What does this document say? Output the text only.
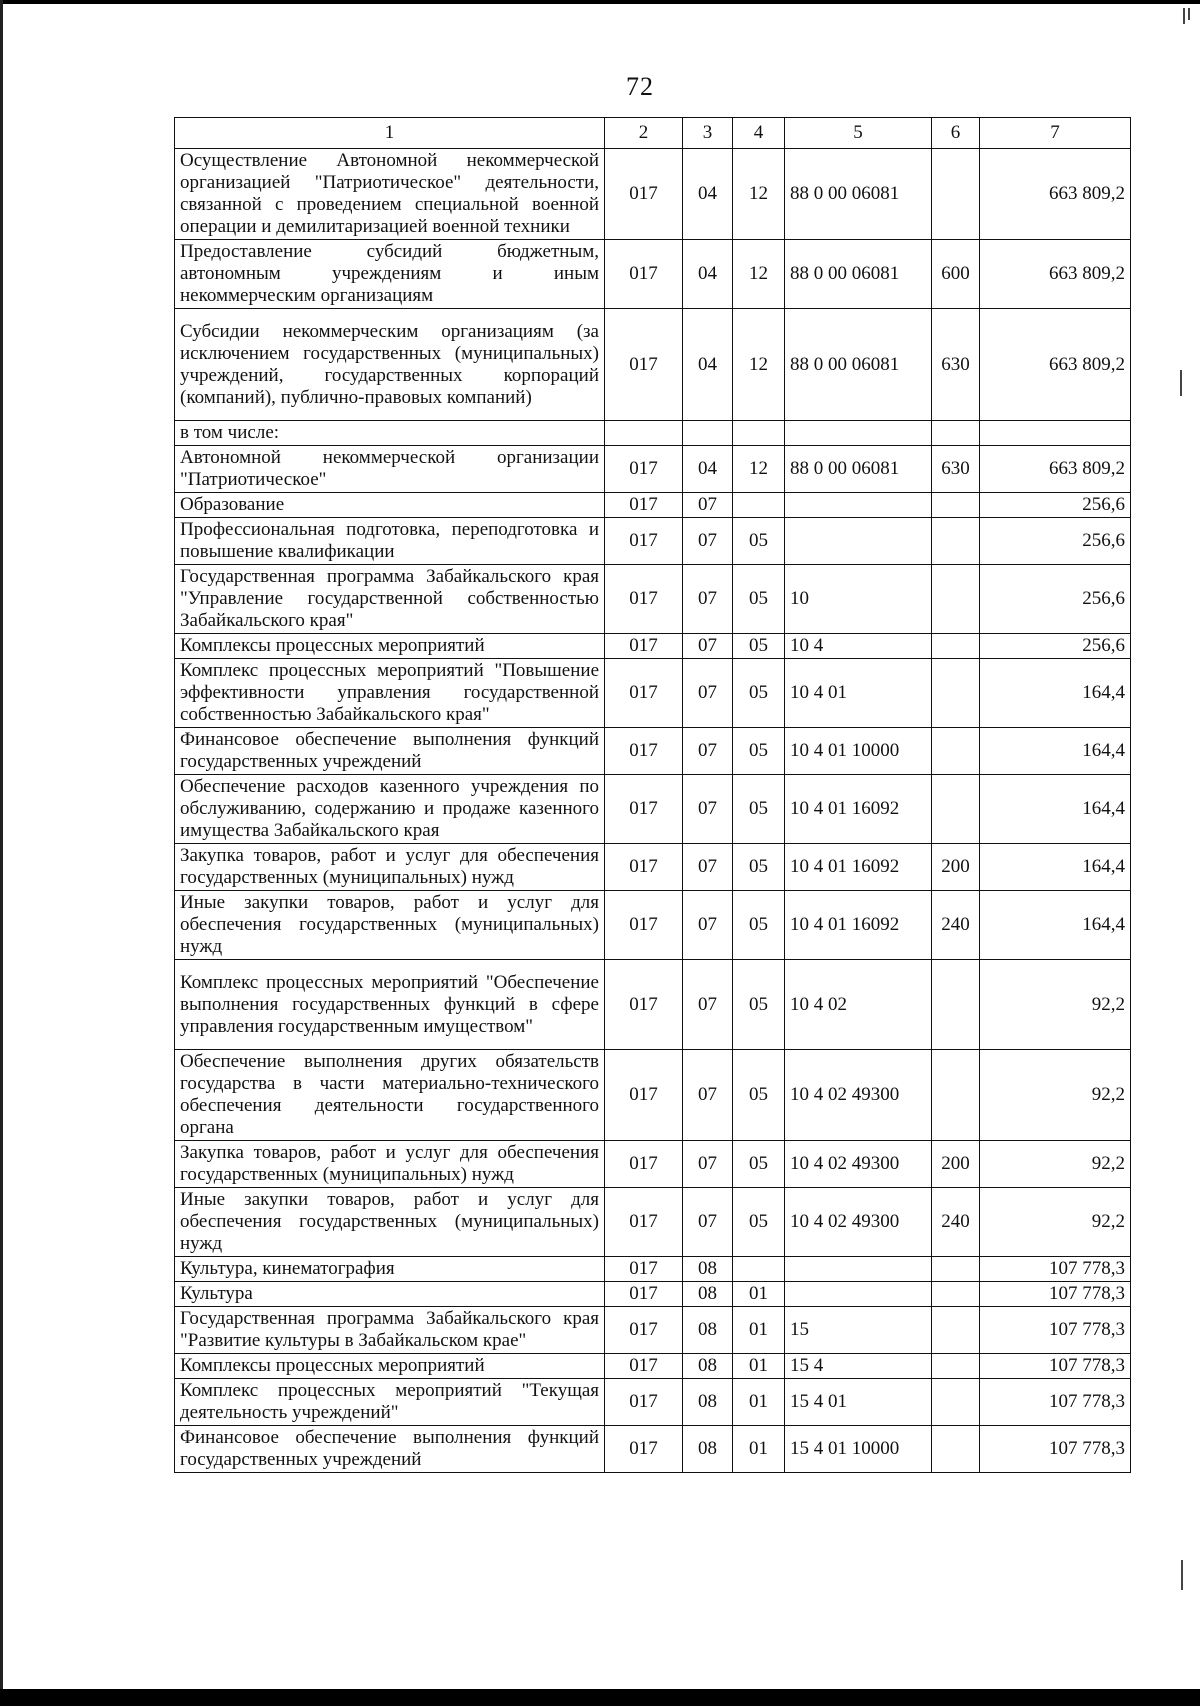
72
1	2	3	4	5	6	7
Осуществление Автономной некоммерческой организацией "Патриотическое" деятельности, связанной с проведением специальной военной операции и демилитаризацией военной техники	017	04	12	88 0 00 06081		663 809,2
Предоставление субсидий бюджетным, автономным учреждениям и иным некоммерческим организациям	017	04	12	88 0 00 06081	600	663 809,2
Субсидии некоммерческим организациям (за исключением государственных (муниципальных) учреждений, государственных корпораций (компаний), публично-правовых компаний)	017	04	12	88 0 00 06081	630	663 809,2
в том числе:						
Автономной некоммерческой организации "Патриотическое"	017	04	12	88 0 00 06081	630	663 809,2
Образование	017	07				256,6
Профессиональная подготовка, переподготовка и повышение квалификации	017	07	05			256,6
Государственная программа Забайкальского края "Управление государственной собственностью Забайкальского края"	017	07	05	10		256,6
Комплексы процессных мероприятий	017	07	05	10 4		256,6
Комплекс процессных мероприятий "Повышение эффективности управления государственной собственностью Забайкальского края"	017	07	05	10 4 01		164,4
Финансовое обеспечение выполнения функций государственных учреждений	017	07	05	10 4 01 10000		164,4
Обеспечение расходов казенного учреждения по обслуживанию, содержанию и продаже казенного имущества Забайкальского края	017	07	05	10 4 01 16092		164,4
Закупка товаров, работ и услуг для обеспечения государственных (муниципальных) нужд	017	07	05	10 4 01 16092	200	164,4
Иные закупки товаров, работ и услуг для обеспечения государственных (муниципальных) нужд	017	07	05	10 4 01 16092	240	164,4
Комплекс процессных мероприятий "Обеспечение выполнения государственных функций в сфере управления государственным имуществом"	017	07	05	10 4 02		92,2
Обеспечение выполнения других обязательств государства в части материально-технического обеспечения деятельности государственного органа	017	07	05	10 4 02 49300		92,2
Закупка товаров, работ и услуг для обеспечения государственных (муниципальных) нужд	017	07	05	10 4 02 49300	200	92,2
Иные закупки товаров, работ и услуг для обеспечения государственных (муниципальных) нужд	017	07	05	10 4 02 49300	240	92,2
Культура, кинематография	017	08				107 778,3
Культура	017	08	01			107 778,3
Государственная программа Забайкальского края "Развитие культуры в Забайкальском крае"	017	08	01	15		107 778,3
Комплексы процессных мероприятий	017	08	01	15 4		107 778,3
Комплекс процессных мероприятий "Текущая деятельность учреждений"	017	08	01	15 4 01		107 778,3
Финансовое обеспечение выполнения функций государственных учреждений	017	08	01	15 4 01 10000		107 778,3
